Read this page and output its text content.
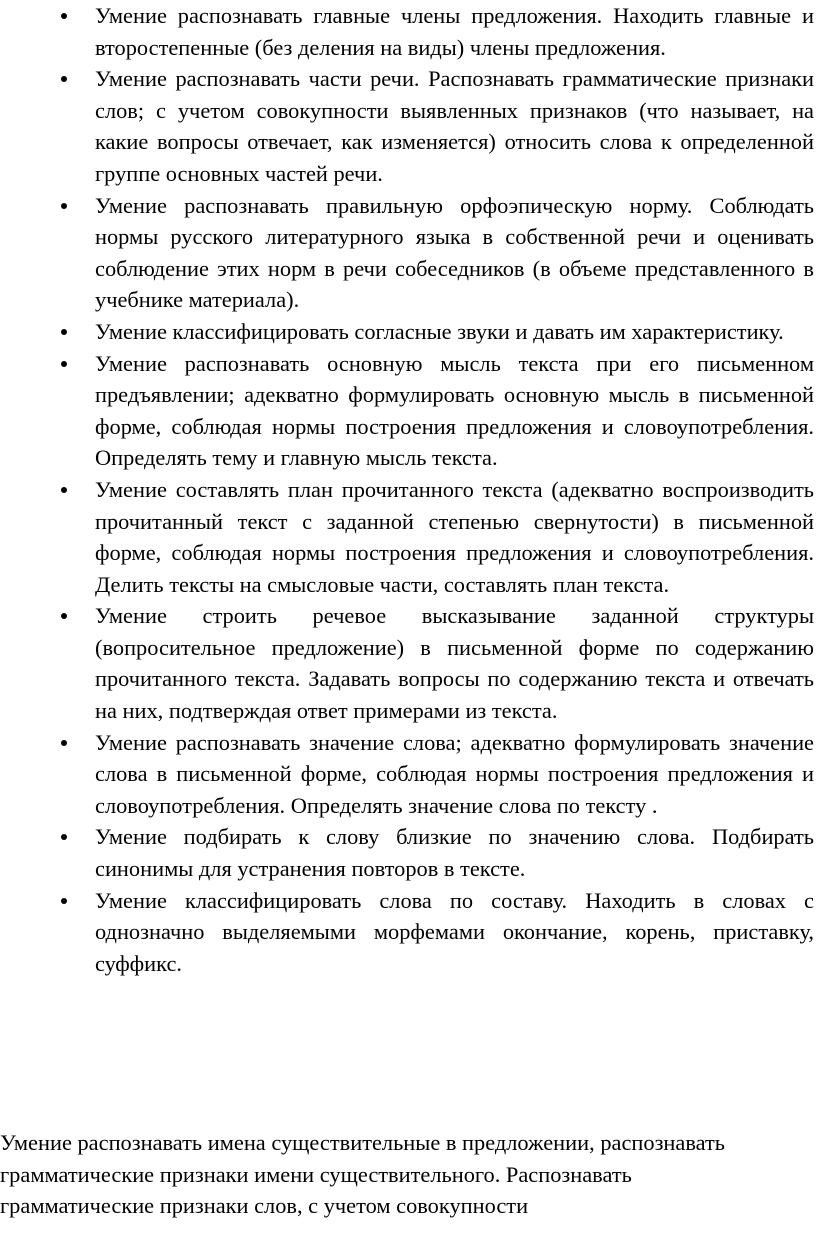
Умение распознавать главные члены предложения. Находить главные и второстепенные (без деления на виды) члены предложения.
Умение распознавать части речи. Распознавать грамматические признаки слов; с учетом совокупности выявленных признаков (что называет, на какие вопросы отвечает, как изменяется) относить слова к определенной группе основных частей речи.
Умение распознавать правильную орфоэпическую норму. Соблюдать нормы русского литературного языка в собственной речи и оценивать соблюдение этих норм в речи собеседников (в объеме представленного в учебнике материала).
Умение классифицировать согласные звуки и давать им характеристику.
Умение распознавать основную мысль текста при его письменном предъявлении; адекватно формулировать основную мысль в письменной форме, соблюдая нормы построения предложения и словоупотребления. Определять тему и главную мысль текста.
Умение составлять план прочитанного текста (адекватно воспроизводить прочитанный текст с заданной степенью свернутости) в письменной форме, соблюдая нормы построения предложения и словоупотребления. Делить тексты на смысловые части, составлять план текста.
Умение строить речевое высказывание заданной структуры (вопросительное предложение) в письменной форме по содержанию прочитанного текста. Задавать вопросы по содержанию текста и отвечать на них, подтверждая ответ примерами из текста.
Умение распознавать значение слова; адекватно формулировать значение слова в письменной форме, соблюдая нормы построения предложения и словоупотребления. Определять значение слова по тексту .
Умение подбирать к слову близкие по значению слова. Подбирать синонимы для устранения повторов в тексте.
Умение классифицировать слова по составу. Находить в словах с однозначно выделяемыми морфемами окончание, корень, приставку, суффикс.

Умение распознавать имена существительные в предложении, распознавать
грамматические признаки имени существительного. Распознавать
грамматические признаки слов, с учетом совокупности
